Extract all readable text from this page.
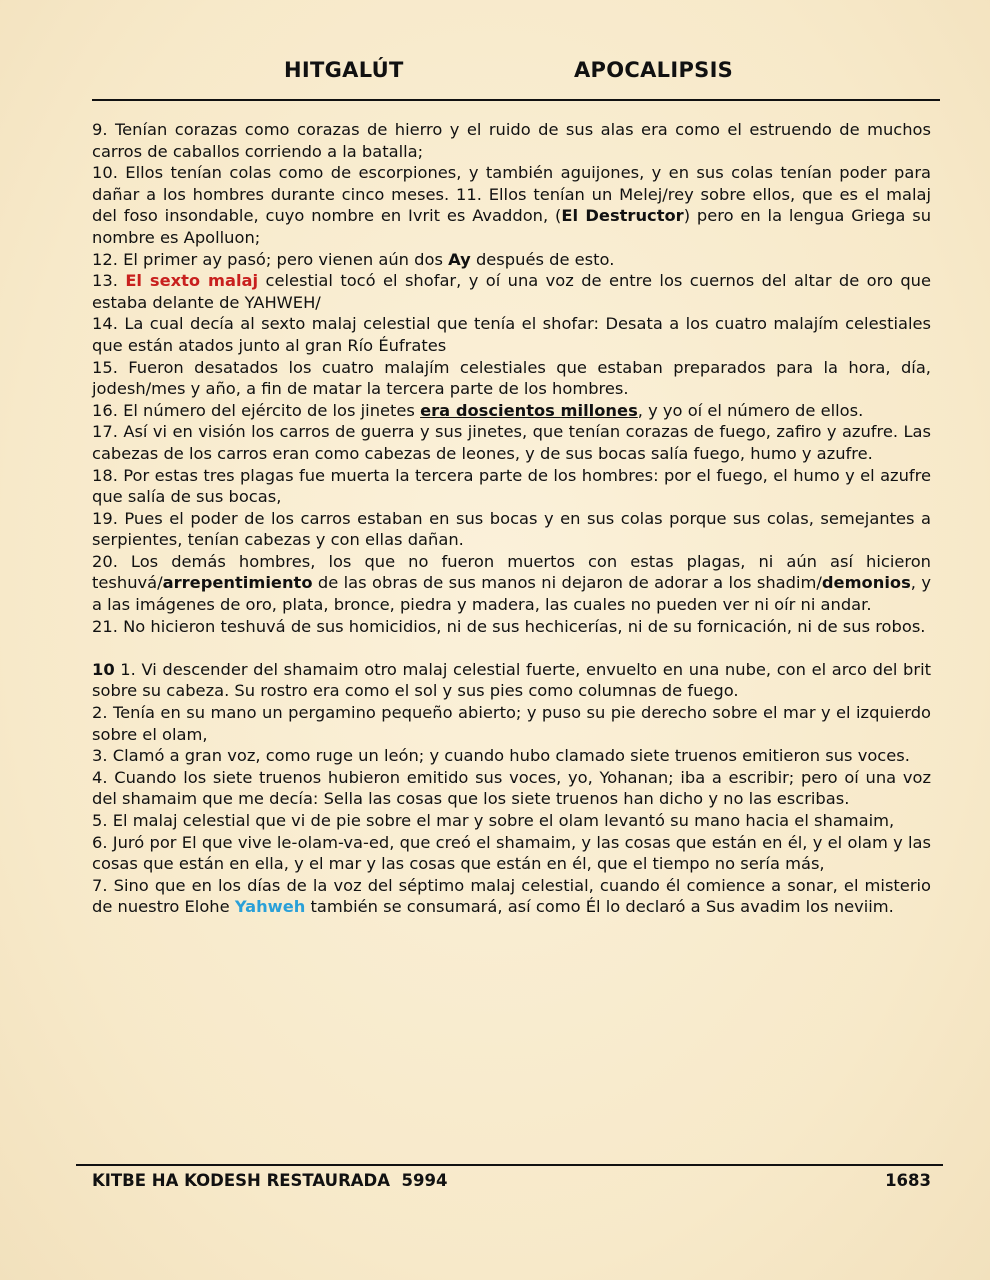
HITGALÚT	APOCALIPSIS

9. Tenían corazas como corazas de hierro y el ruido de sus alas era como el estruendo de muchos carros de caballos corriendo a la batalla;

10. Ellos tenían colas como de escorpiones, y también aguijones, y en sus colas tenían poder para dañar a los hombres durante cinco meses. 11. Ellos tenían un Melej/rey sobre ellos, que es el malaj del foso insondable, cuyo nombre en Ivrit es Avaddon, (El Destructor) pero en la lengua Griega su nombre es Apolluon;

12. El primer ay pasó; pero vienen aún dos Ay después de esto.

13. El sexto malaj celestial tocó el shofar, y oí una voz de entre los cuernos del altar de oro que estaba delante de YAHWEH/

14. La cual decía al sexto malaj celestial que tenía el shofar: Desata a los cuatro malajím celestiales que están atados junto al gran Río Éufrates

15. Fueron desatados los cuatro malajím celestiales que estaban preparados para la hora, día, jodesh/mes y año, a fin de matar la tercera parte de los hombres.

16. El número del ejército de los jinetes era doscientos millones, y yo oí el número de ellos.

17. Así vi en visión los carros de guerra y sus jinetes, que tenían corazas de fuego, zafiro y azufre. Las cabezas de los carros eran como cabezas de leones, y de sus bocas salía fuego, humo y azufre.

18. Por estas tres plagas fue muerta la tercera parte de los hombres: por el fuego, el humo y el azufre que salía de sus bocas,

19. Pues el poder de los carros estaban en sus bocas y en sus colas porque sus colas, semejantes a serpientes, tenían cabezas y con ellas dañan.

20. Los demás hombres, los que no fueron muertos con estas plagas, ni aún así hicieron teshuvá/arrepentimiento de las obras de sus manos ni dejaron de adorar a los shadim/demonios, y a las imágenes de oro, plata, bronce, piedra y madera, las cuales no pueden ver ni oír ni andar.

21. No hicieron teshuvá de sus homicidios, ni de sus hechicerías, ni de su fornicación, ni de sus robos.

10 1. Vi descender del shamaim otro malaj celestial fuerte, envuelto en una nube, con el arco del brit sobre su cabeza. Su rostro era como el sol y sus pies como columnas de fuego.

2. Tenía en su mano un pergamino pequeño abierto; y puso su pie derecho sobre el mar y el izquierdo sobre el olam,

3. Clamó a gran voz, como ruge un león; y cuando hubo clamado siete truenos emitieron sus voces.

4. Cuando los siete truenos hubieron emitido sus voces, yo, Yohanan; iba a escribir; pero oí una voz del shamaim que me decía: Sella las cosas que los siete truenos han dicho y no las escribas.

5. El malaj celestial que vi de pie sobre el mar y sobre el olam levantó su mano hacia el shamaim,

6. Juró por El que vive le-olam-va-ed, que creó el shamaim, y las cosas que están en él, y el olam y las cosas que están en ella, y el mar y las cosas que están en él, que el tiempo no sería más,

7. Sino que en los días de la voz del séptimo malaj celestial, cuando él comience a sonar, el misterio de nuestro Elohe Yahweh también se consumará, así como Él lo declaró a Sus avadim los neviim.

KITBE HA KODESH RESTAURADA  5994	1683
